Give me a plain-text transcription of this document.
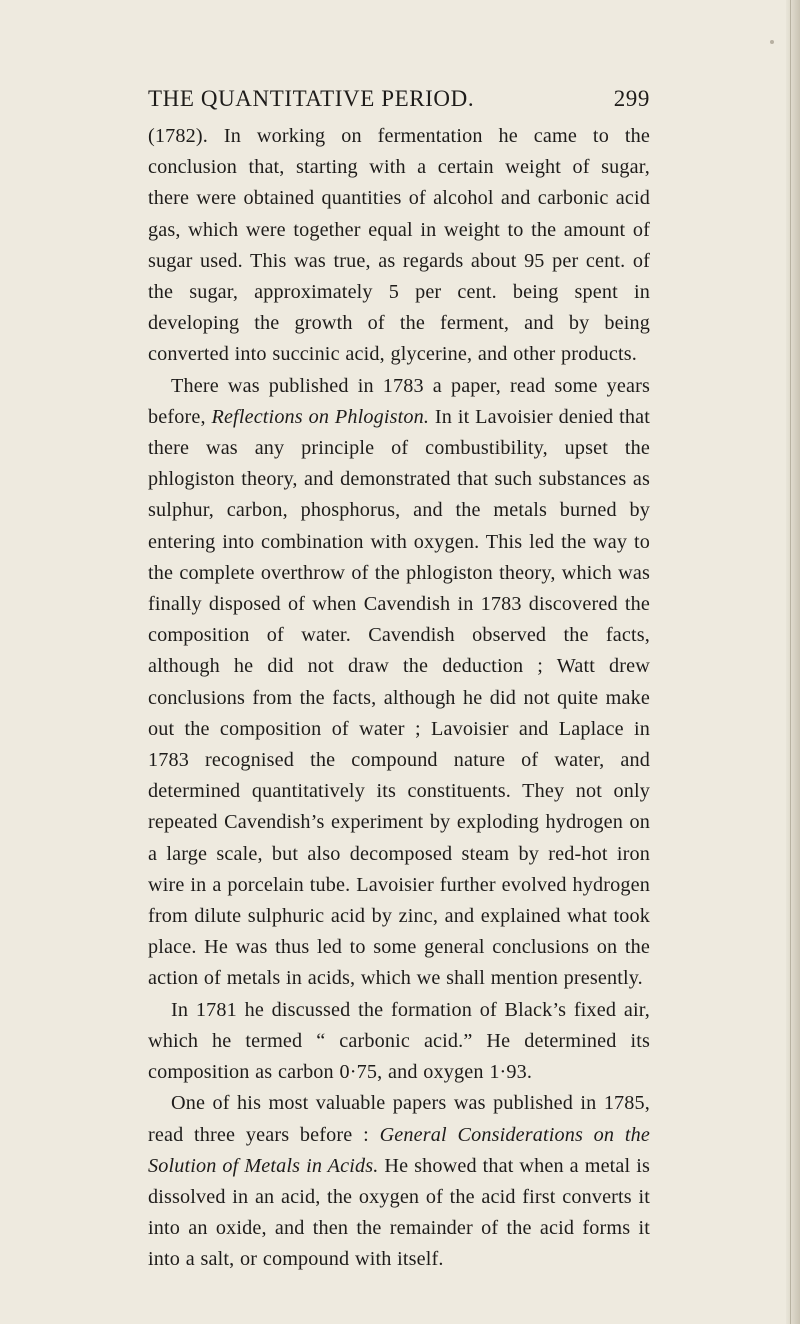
THE QUANTITATIVE PERIOD.	299

(1782). In working on fermentation he came to the conclusion that, starting with a certain weight of sugar, there were obtained quantities of alcohol and carbonic acid gas, which were together equal in weight to the amount of sugar used. This was true, as regards about 95 per cent. of the sugar, approximately 5 per cent. being spent in developing the growth of the ferment, and by being converted into succinic acid, glycerine, and other products.

There was published in 1783 a paper, read some years before, Reflections on Phlogiston. In it Lavoisier denied that there was any principle of combustibility, upset the phlogiston theory, and demonstrated that such substances as sulphur, carbon, phosphorus, and the metals burned by entering into combination with oxygen. This led the way to the complete overthrow of the phlogiston theory, which was finally disposed of when Cavendish in 1783 discovered the composition of water. Cavendish observed the facts, although he did not draw the deduction ; Watt drew conclusions from the facts, although he did not quite make out the composition of water ; Lavoisier and Laplace in 1783 recognised the compound nature of water, and determined quantitatively its constituents. They not only repeated Cavendish’s experiment by exploding hydrogen on a large scale, but also decomposed steam by red-hot iron wire in a porcelain tube. Lavoisier further evolved hydrogen from dilute sulphuric acid by zinc, and explained what took place. He was thus led to some general conclusions on the action of metals in acids, which we shall mention presently.

In 1781 he discussed the formation of Black’s fixed air, which he termed “ carbonic acid.” He determined its composition as carbon 0·75, and oxygen 1·93.

One of his most valuable papers was published in 1785, read three years before : General Considerations on the Solution of Metals in Acids. He showed that when a metal is dissolved in an acid, the oxygen of the acid first converts it into an oxide, and then the remainder of the acid forms it into a salt, or compound with itself.
